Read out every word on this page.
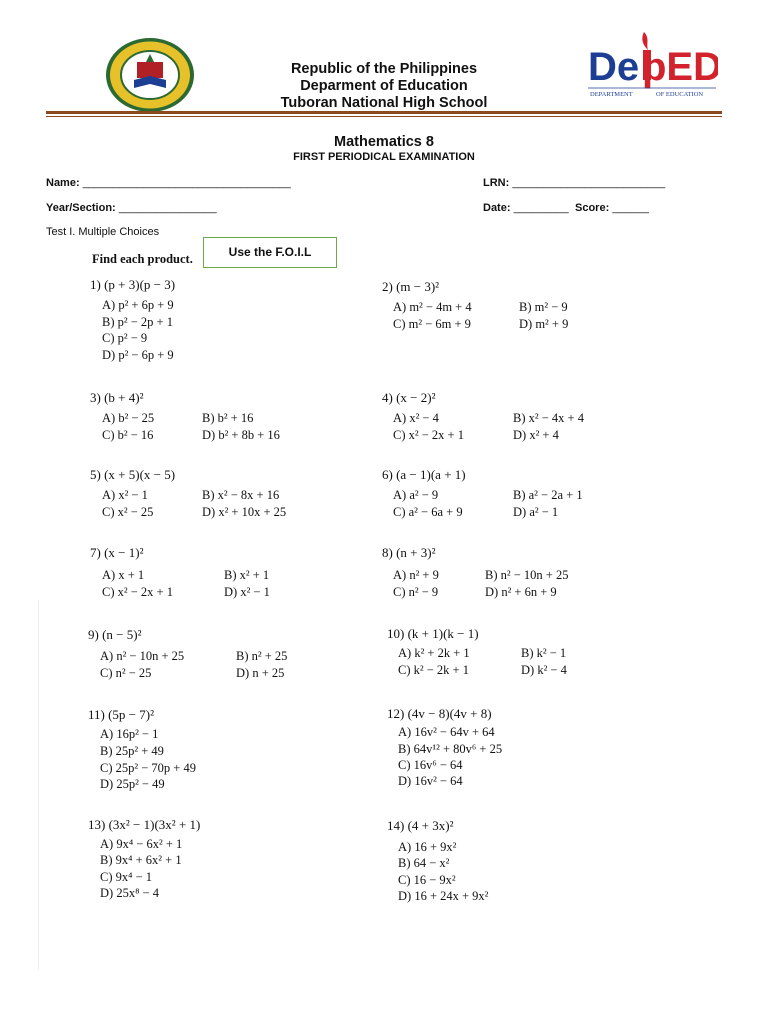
Republic of the Philippines
Deparment of Education
Tuboran National High School
De pED
DEPARTMENT	OF EDUCATION
Mathematics 8
FIRST PERIODICAL EXAMINATION
Name: __________________________________	LRN: _________________________
Year/Section: ________________	Date: _________ Score: ______
Test I. Multiple Choices
Use the F.O.I.L
Find each product.
1) (p + 3)(p − 3)
A) p² + 6p + 9
B) p² − 2p + 1
C) p² − 9
D) p² − 6p + 9
2) (m − 3)²
A) m² − 4m + 4	B) m² − 9
C) m² − 6m + 9	D) m² + 9
3) (b + 4)²
A) b² − 25	B) b² + 16
C) b² − 16	D) b² + 8b + 16
4) (x − 2)²
A) x² − 4	B) x² − 4x + 4
C) x² − 2x + 1	D) x² + 4
5) (x + 5)(x − 5)
A) x² − 1	B) x² − 8x + 16
C) x² − 25	D) x² + 10x + 25
6) (a − 1)(a + 1)
A) a² − 9	B) a² − 2a + 1
C) a² − 6a + 9	D) a² − 1
7) (x − 1)²
A) x + 1	B) x² + 1
C) x² − 2x + 1	D) x² − 1
8) (n + 3)²
A) n² + 9	B) n² − 10n + 25
C) n² − 9	D) n² + 6n + 9
9) (n − 5)²
A) n² − 10n + 25	B) n² + 25
C) n² − 25	D) n + 25
10) (k + 1)(k − 1)
A) k² + 2k + 1	B) k² − 1
C) k² − 2k + 1	D) k² − 4
11) (5p − 7)²
A) 16p² − 1
B) 25p² + 49
C) 25p² − 70p + 49
D) 25p² − 49
12) (4v − 8)(4v + 8)
A) 16v² − 64v + 64
B) 64v¹² + 80v⁶ + 25
C) 16v⁶ − 64
D) 16v² − 64
13) (3x² − 1)(3x² + 1)
A) 9x⁴ − 6x² + 1
B) 9x⁴ + 6x² + 1
C) 9x⁴ − 1
D) 25x⁸ − 4
14) (4 + 3x)²
A) 16 + 9x²
B) 64 − x²
C) 16 − 9x²
D) 16 + 24x + 9x²
